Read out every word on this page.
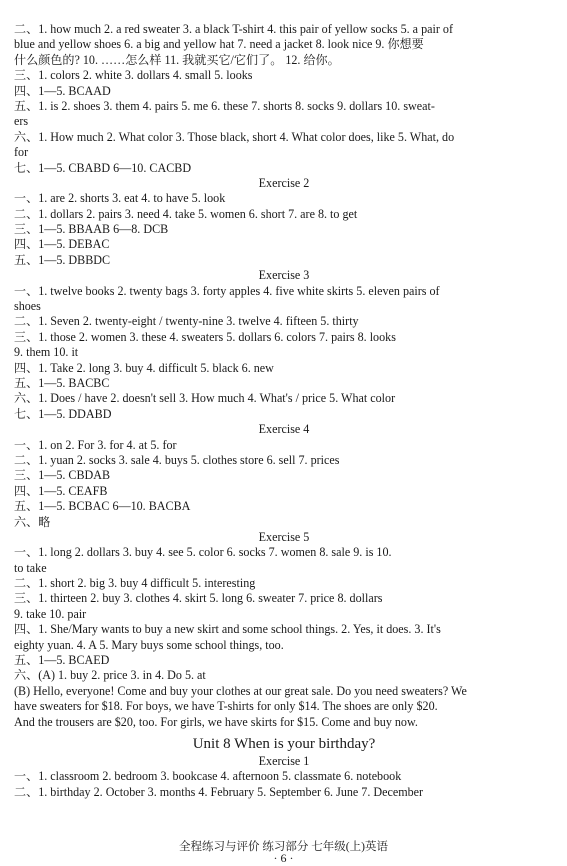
二、1. how much 2. a red sweater 3. a black T-shirt 4. this pair of yellow socks 5. a pair of
blue and yellow shoes 6. a big and yellow hat 7. need a jacket 8. look nice 9. 你想要
什么颜色的? 10. ……怎么样 11. 我就买它/它们了。 12. 给你。
三、1. colors 2. white 3. dollars 4. small 5. looks
四、1—5. BCAAD
五、1. is 2. shoes 3. them 4. pairs 5. me 6. these 7. shorts 8. socks 9. dollars 10. sweat-
ers
六、1. How much 2. What color 3. Those black, short 4. What color does, like 5. What, do
for
七、1—5. CBABD 6—10. CACBD
Exercise 2
一、1. are 2. shorts 3. eat 4. to have 5. look
二、1. dollars 2. pairs 3. need 4. take 5. women 6. short 7. are 8. to get
三、1—5. BBAAB 6—8. DCB
四、1—5. DEBAC
五、1—5. DBBDC
Exercise 3
一、1. twelve books 2. twenty bags 3. forty apples 4. five white skirts 5. eleven pairs of
shoes
二、1. Seven 2. twenty-eight / twenty-nine 3. twelve 4. fifteen 5. thirty
三、1. those 2. women 3. these 4. sweaters 5. dollars 6. colors 7. pairs 8. looks
9. them 10. it
四、1. Take 2. long 3. buy 4. difficult 5. black 6. new
五、1—5. BACBC
六、1. Does / have 2. doesn't sell 3. How much 4. What's / price 5. What color
七、1—5. DDABD
Exercise 4
一、1. on 2. For 3. for 4. at 5. for
二、1. yuan 2. socks 3. sale 4. buys 5. clothes store 6. sell 7. prices
三、1—5. CBDAB
四、1—5. CEAFB
五、1—5. BCBAC 6—10. BACBA
六、略
Exercise 5
一、1. long 2. dollars 3. buy 4. see 5. color 6. socks 7. women 8. sale 9. is 10.
to take
二、1. short 2. big 3. buy 4 difficult 5. interesting
三、1. thirteen 2. buy 3. clothes 4. skirt 5. long 6. sweater 7. price 8. dollars
9. take 10. pair
四、1. She/Mary wants to buy a new skirt and some school things. 2. Yes, it does. 3. It's
eighty yuan. 4. A 5. Mary buys some school things, too.
五、1—5. BCAED
六、(A) 1. buy 2. price 3. in 4. Do 5. at
(B) Hello, everyone! Come and buy your clothes at our great sale. Do you need sweaters? We
have sweaters for $18. For boys, we have T-shirts for only $14. The shoes are only $20.
And the trousers are $20, too. For girls, we have skirts for $15. Come and buy now.
Unit 8 When is your birthday?
Exercise 1
一、1. classroom 2. bedroom 3. bookcase 4. afternoon 5. classmate 6. notebook
二、1. birthday 2. October 3. months 4. February 5. September 6. June 7. December
全程练习与评价 练习部分 七年级(上)英语
· 6 ·
